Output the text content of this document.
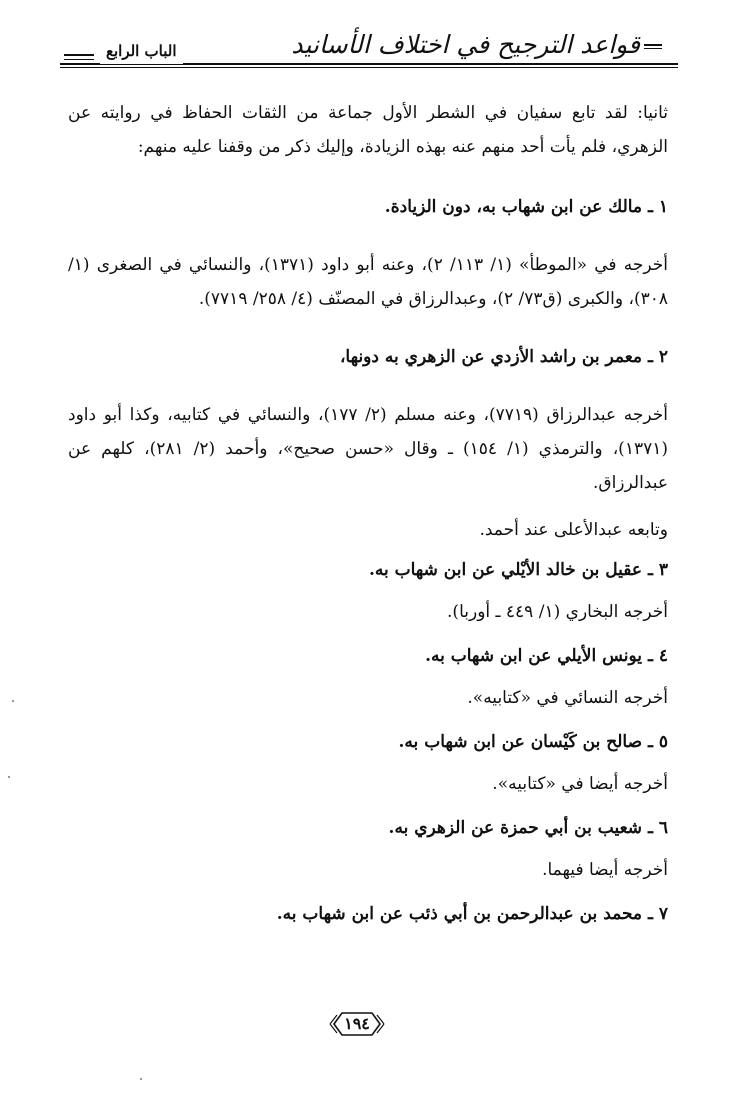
قواعد الترجيح في اختلاف الأسانيد
الباب الرابع

ثانيا: لقد تابع سفيان في الشطر الأول جماعة من الثقات الحفاظ في روايته عن الزهري، فلم يأت أحد منهم عنه بهذه الزيادة، وإليك ذكر من وقفنا عليه منهم:

١ ـ مالك عن ابن شهاب به، دون الزيادة.

أخرجه في «الموطأ» (١/ ١١٣/ ٢)، وعنه أبو داود (١٣٧١)، والنسائي في الصغرى (١/ ٣٠٨)، والكبرى (ق٧٣/ ٢)، وعبدالرزاق في المصنّف (٤/ ٢٥٨/ ٧٧١٩).

٢ ـ معمر بن راشد الأزدي عن الزهري به دونها،

أخرجه عبدالرزاق (٧٧١٩)، وعنه مسلم (٢/ ١٧٧)، والنسائي في كتابيه، وكذا أبو داود (١٣٧١)، والترمذي (١/ ١٥٤) ـ وقال «حسن صحيح»، وأحمد (٢/ ٢٨١)، كلهم عن عبدالرزاق.

وتابعه عبدالأعلى عند أحمد.

٣ ـ عقيل بن خالد الأيْلي عن ابن شهاب به.

أخرجه البخاري (١/ ٤٤٩ ـ أوربا).

٤ ـ يونس الأيلي عن ابن شهاب به.

أخرجه النسائي في «كتابيه».

٥ ـ صالح بن كَيْسان عن ابن شهاب به.

أخرجه أيضا في «كتابيه».

٦ ـ شعيب بن أبي حمزة عن الزهري به.

أخرجه أيضا فيهما.

٧ ـ محمد بن عبدالرحمن بن أبي ذئب عن ابن شهاب به.

١٩٤
